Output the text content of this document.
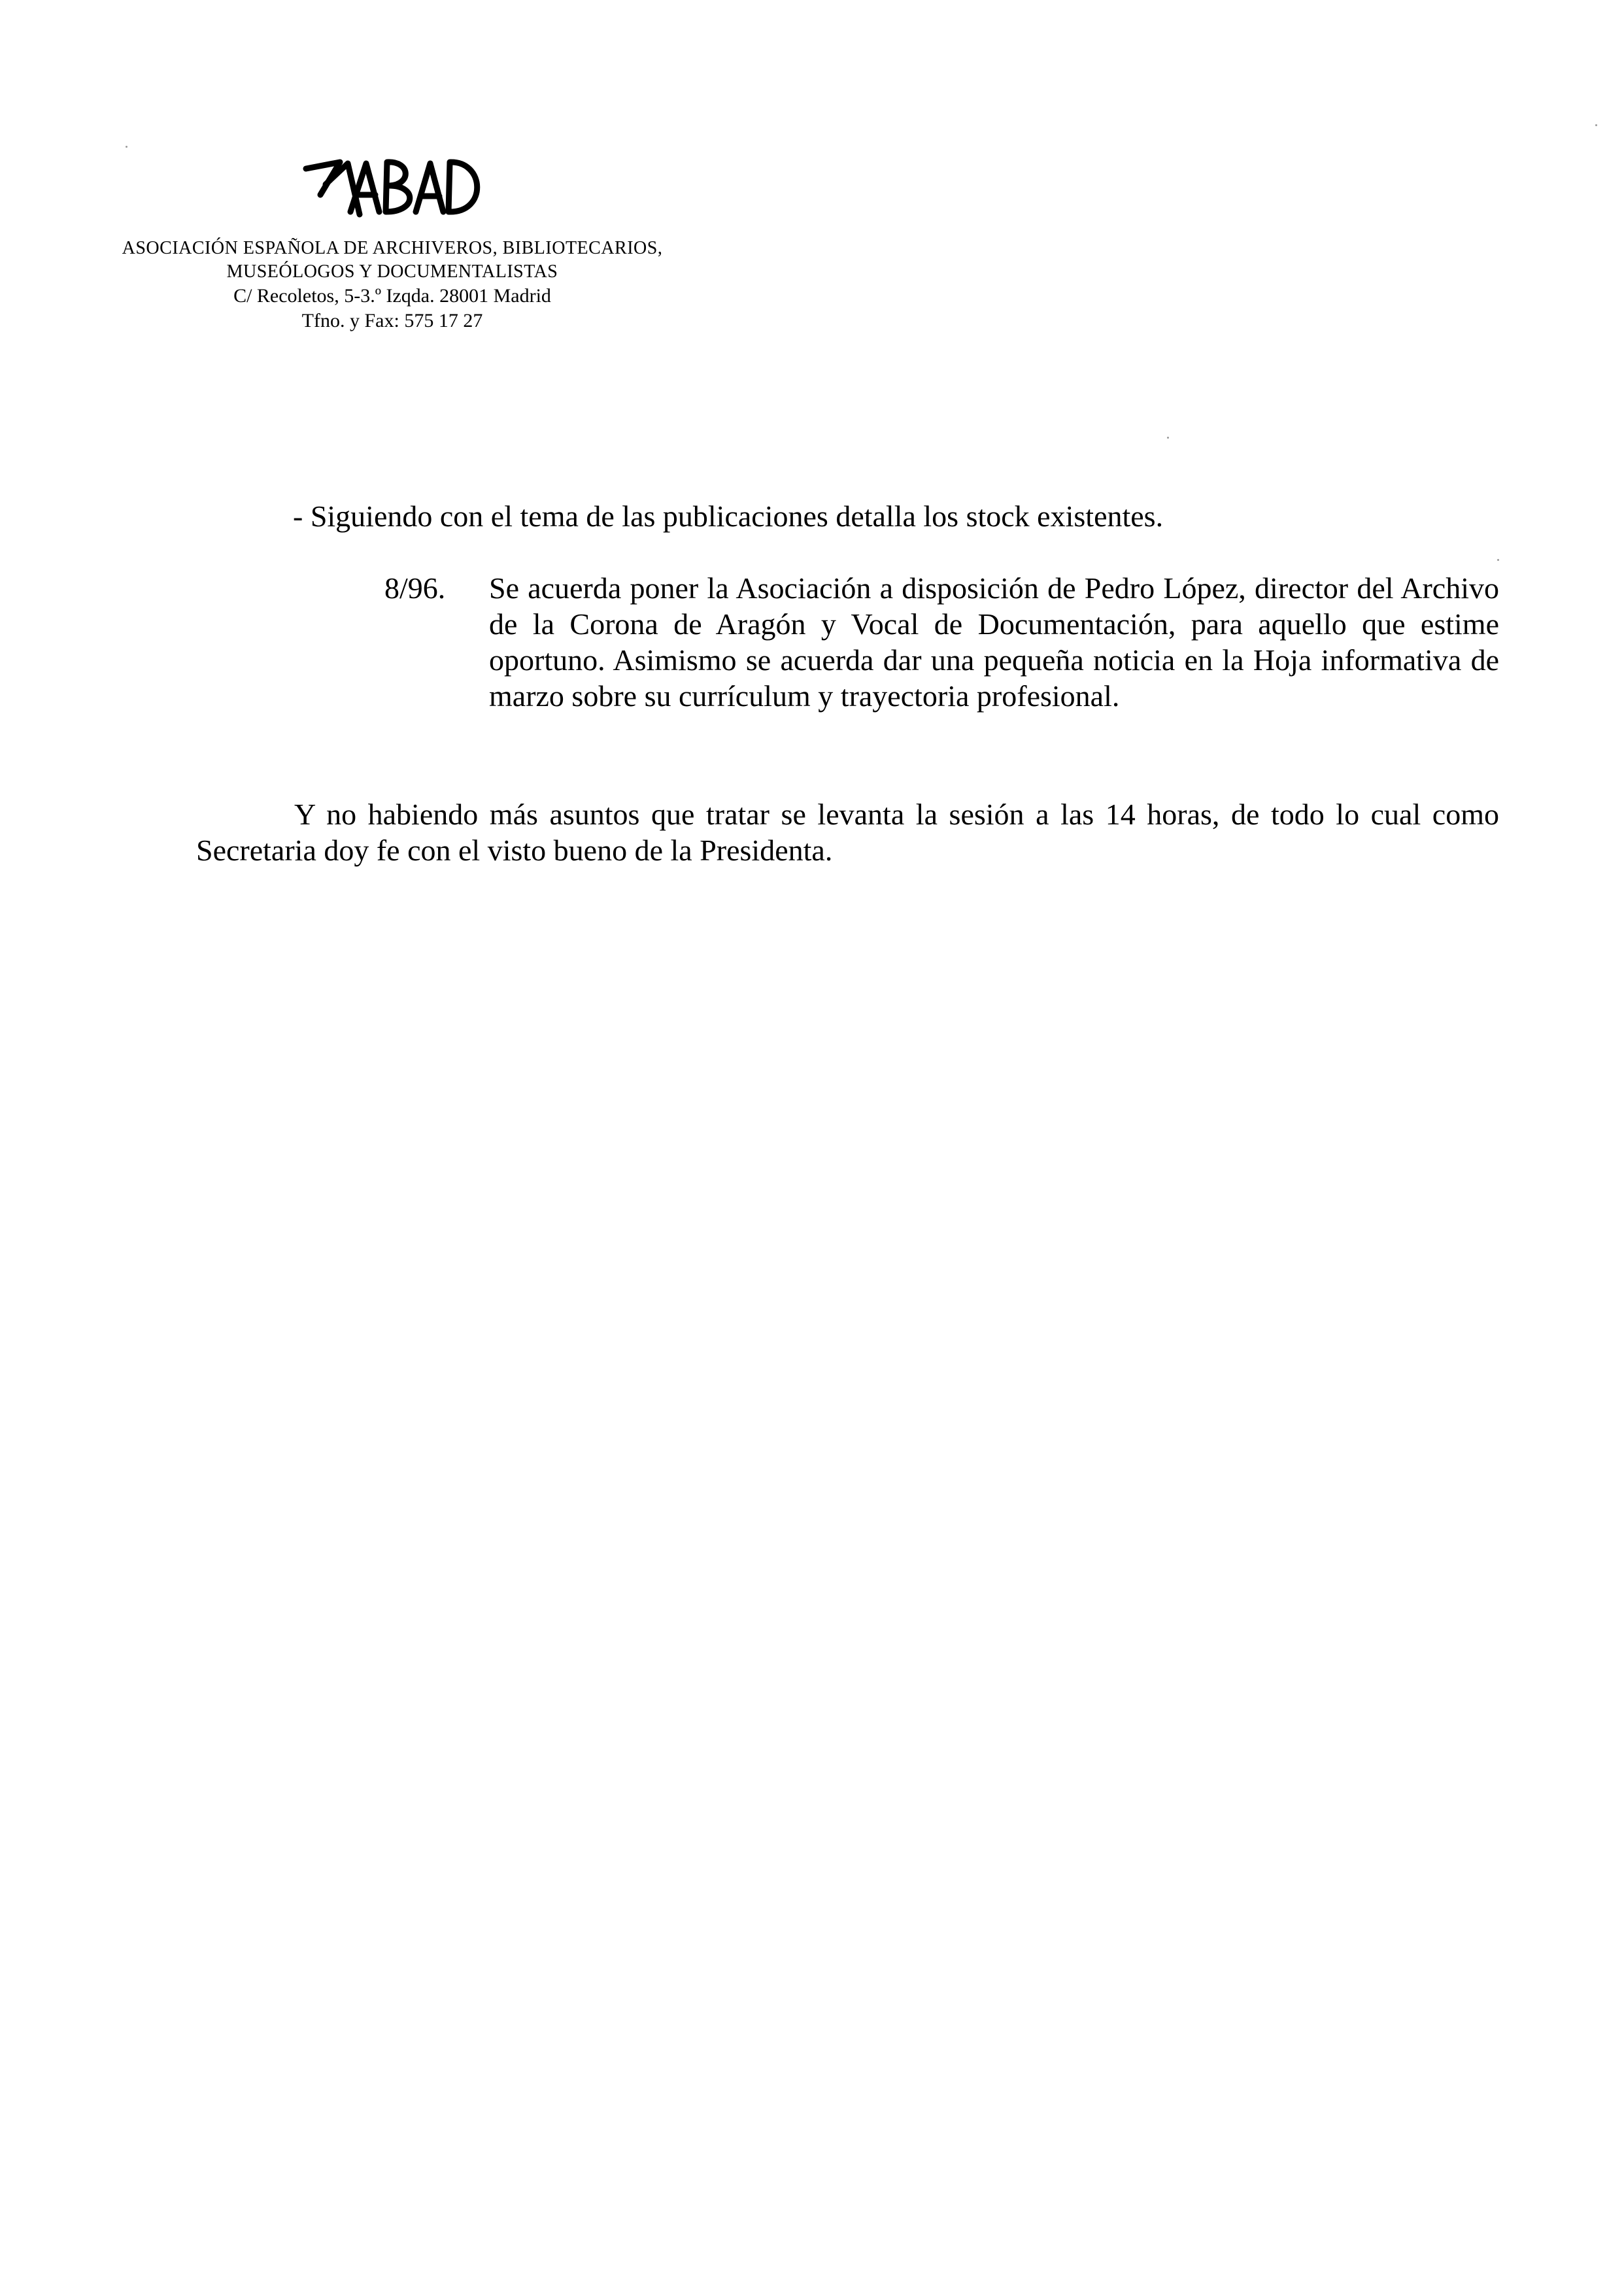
ASOCIACIÓN ESPAÑOLA DE ARCHIVEROS, BIBLIOTECARIOS,

MUSEÓLOGOS Y DOCUMENTALISTAS

C/ Recoletos, 5-3.º Izqda. 28001 Madrid

Tfno. y Fax: 575 17 27

- Siguiendo con el tema de las publicaciones detalla los stock existentes.

8/96. Se acuerda poner la Asociación a disposición de Pedro López, director del Archivo de la Corona de Aragón y Vocal de Documentación, para aquello que estime oportuno. Asimismo se acuerda dar una pequeña noticia en la Hoja informativa de marzo sobre su currículum y trayectoria profesional.

Y no habiendo más asuntos que tratar se levanta la sesión a las 14 horas, de todo lo cual como Secretaria doy fe con el visto bueno de la Presidenta.
